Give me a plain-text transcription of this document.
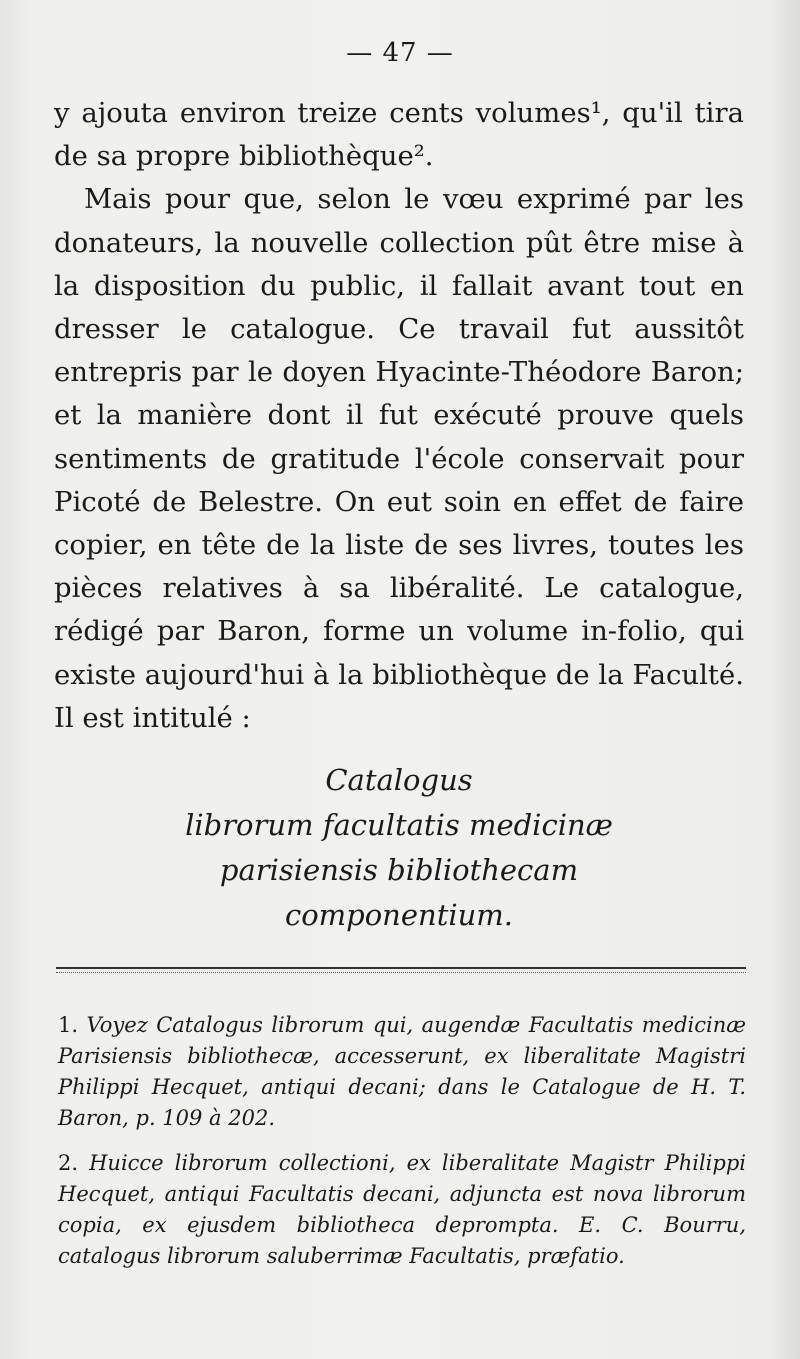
— 47 —

y ajouta environ treize cents volumes¹, qu'il tira de sa propre bibliothèque².

Mais pour que, selon le vœu exprimé par les donateurs, la nouvelle collection pût être mise à la disposition du public, il fallait avant tout en dresser le catalogue. Ce travail fut aussitôt entrepris par le doyen Hyacinte-Théodore Baron; et la manière dont il fut exécuté prouve quels sentiments de gratitude l'école conservait pour Picoté de Belestre. On eut soin en effet de faire copier, en tête de la liste de ses livres, toutes les pièces relatives à sa libéralité. Le catalogue, rédigé par Baron, forme un volume in-folio, qui existe aujourd'hui à la bibliothèque de la Faculté. Il est intitulé :

Catalogus
librorum facultatis medicinæ
parisiensis bibliothecam
componentium.

1. Voyez Catalogus librorum qui, augendæ Facultatis medicinæ Parisiensis bibliothecæ, accesserunt, ex liberalitate Magistri Philippi Hecquet, antiqui decani; dans le Catalogue de H. T. Baron, p. 109 à 202.

2. Huicce librorum collectioni, ex liberalitate Magistr Philippi Hecquet, antiqui Facultatis decani, adjuncta est nova librorum copia, ex ejusdem bibliotheca deprompta. E. C. Bourru, catalogus librorum saluberrimæ Facultatis, præfatio.
